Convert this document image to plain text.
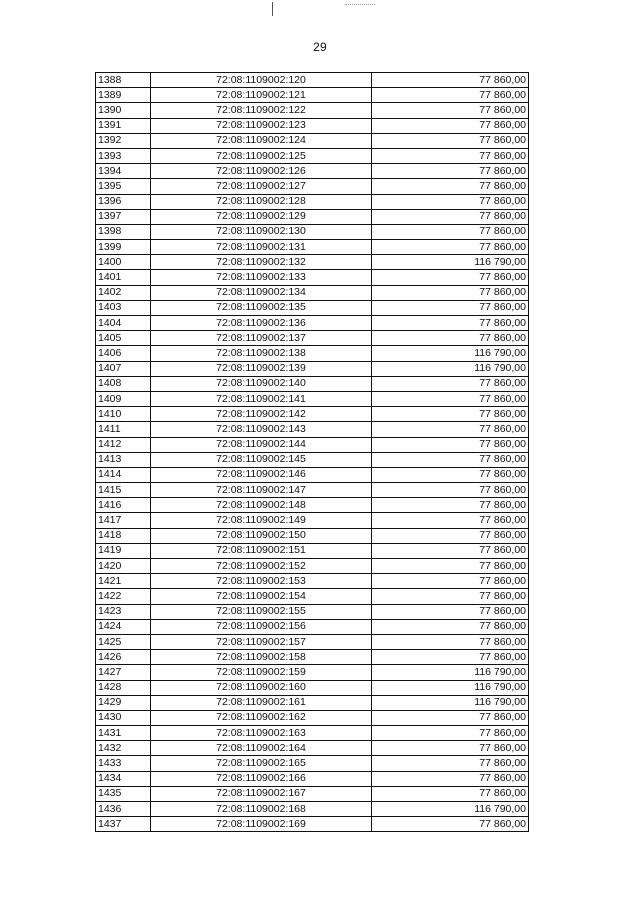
29
1388	72:08:1109002:120	77 860,00
1389	72:08:1109002:121	77 860,00
1390	72:08:1109002:122	77 860,00
1391	72:08:1109002:123	77 860,00
1392	72:08:1109002:124	77 860,00
1393	72:08:1109002:125	77 860,00
1394	72:08:1109002:126	77 860,00
1395	72:08:1109002:127	77 860,00
1396	72:08:1109002:128	77 860,00
1397	72:08:1109002:129	77 860,00
1398	72:08:1109002:130	77 860,00
1399	72:08:1109002:131	77 860,00
1400	72:08:1109002:132	116 790,00
1401	72:08:1109002:133	77 860,00
1402	72:08:1109002:134	77 860,00
1403	72:08:1109002:135	77 860,00
1404	72:08:1109002:136	77 860,00
1405	72:08:1109002:137	77 860,00
1406	72:08:1109002:138	116 790,00
1407	72:08:1109002:139	116 790,00
1408	72:08:1109002:140	77 860,00
1409	72:08:1109002:141	77 860,00
1410	72:08:1109002:142	77 860,00
1411	72:08:1109002:143	77 860,00
1412	72:08:1109002:144	77 860,00
1413	72:08:1109002:145	77 860,00
1414	72:08:1109002:146	77 860,00
1415	72:08:1109002:147	77 860,00
1416	72:08:1109002:148	77 860,00
1417	72:08:1109002:149	77 860,00
1418	72:08:1109002:150	77 860,00
1419	72:08:1109002:151	77 860,00
1420	72:08:1109002:152	77 860,00
1421	72:08:1109002:153	77 860,00
1422	72:08:1109002:154	77 860,00
1423	72:08:1109002:155	77 860,00
1424	72:08:1109002:156	77 860,00
1425	72:08:1109002:157	77 860,00
1426	72:08:1109002:158	77 860,00
1427	72:08:1109002:159	116 790,00
1428	72:08:1109002:160	116 790,00
1429	72:08:1109002:161	116 790,00
1430	72:08:1109002:162	77 860,00
1431	72:08:1109002:163	77 860,00
1432	72:08:1109002:164	77 860,00
1433	72:08:1109002:165	77 860,00
1434	72:08:1109002:166	77 860,00
1435	72:08:1109002:167	77 860,00
1436	72:08:1109002:168	116 790,00
1437	72:08:1109002:169	77 860,00
